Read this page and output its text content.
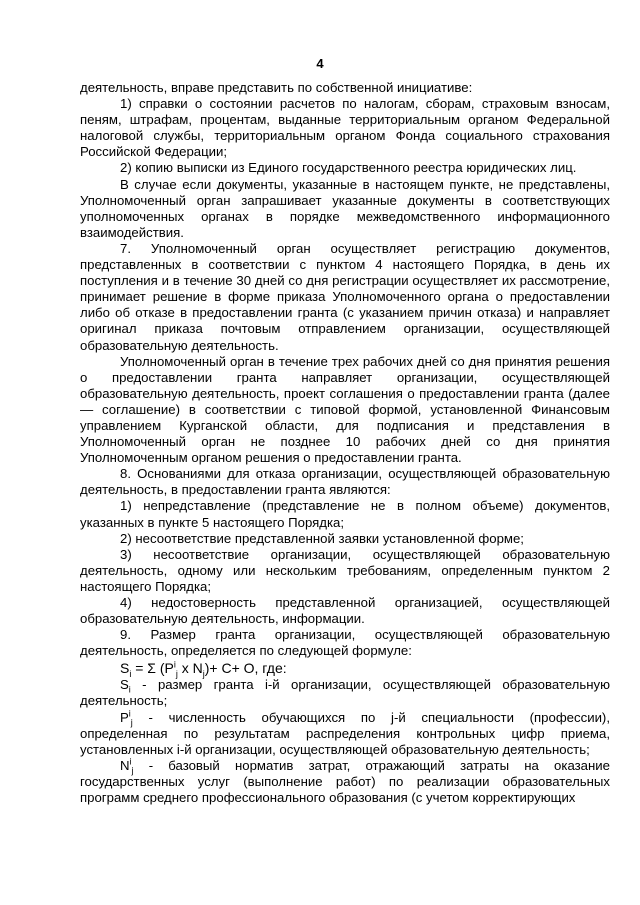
4

деятельность, вправе представить по собственной инициативе:

1) справки о состоянии расчетов по налогам, сборам, страховым взносам, пеням, штрафам, процентам, выданные территориальным органом Федеральной налоговой службы, территориальным органом Фонда социального страхования Российской Федерации;

2) копию выписки из Единого государственного реестра юридических лиц.

В случае если документы, указанные в настоящем пункте, не представлены, Уполномоченный орган запрашивает указанные документы в соответствующих уполномоченных органах в порядке межведомственного информационного взаимодействия.

7. Уполномоченный орган осуществляет регистрацию документов, представленных в соответствии с пунктом 4 настоящего Порядка, в день их поступления и в течение 30 дней со дня регистрации осуществляет их рассмотрение, принимает решение в форме приказа Уполномоченного органа о предоставлении либо об отказе в предоставлении гранта (с указанием причин отказа) и направляет оригинал приказа почтовым отправлением организации, осуществляющей образовательную деятельность.

Уполномоченный орган в течение трех рабочих дней со дня принятия решения о предоставлении гранта направляет организации, осуществляющей образовательную деятельность, проект соглашения о предоставлении гранта (далее — соглашение) в соответствии с типовой формой, установленной Финансовым управлением Курганской области, для подписания и представления в Уполномоченный орган не позднее 10 рабочих дней со дня принятия Уполномоченным органом решения о предоставлении гранта.

8. Основаниями для отказа организации, осуществляющей образовательную деятельность, в предоставлении гранта являются:

1) непредставление (представление не в полном объеме) документов, указанных в пункте 5 настоящего Порядка;

2) несоответствие представленной заявки установленной форме;

3) несоответствие организации, осуществляющей образовательную деятельность, одному или нескольким требованиям, определенным пунктом 2 настоящего Порядка;

4) недостоверность представленной организацией, осуществляющей образовательную деятельность, информации.

9. Размер гранта организации, осуществляющей образовательную деятельность, определяется по следующей формуле:

$S_i = \Sigma$ ($P^i_j$ x $N_j)+ C+ O$, где:

$S_i$ - размер гранта i-й организации, осуществляющей образовательную деятельность;

$P^i_j$ - численность обучающихся по j-й специальности (профессии), определенная по результатам распределения контрольных цифр приема, установленных i-й организации, осуществляющей образовательную деятельность;

$N^i_j$ - базовый норматив затрат, отражающий затраты на оказание государственных услуг (выполнение работ) по реализации образовательных программ среднего профессионального образования (с учетом корректирующих
